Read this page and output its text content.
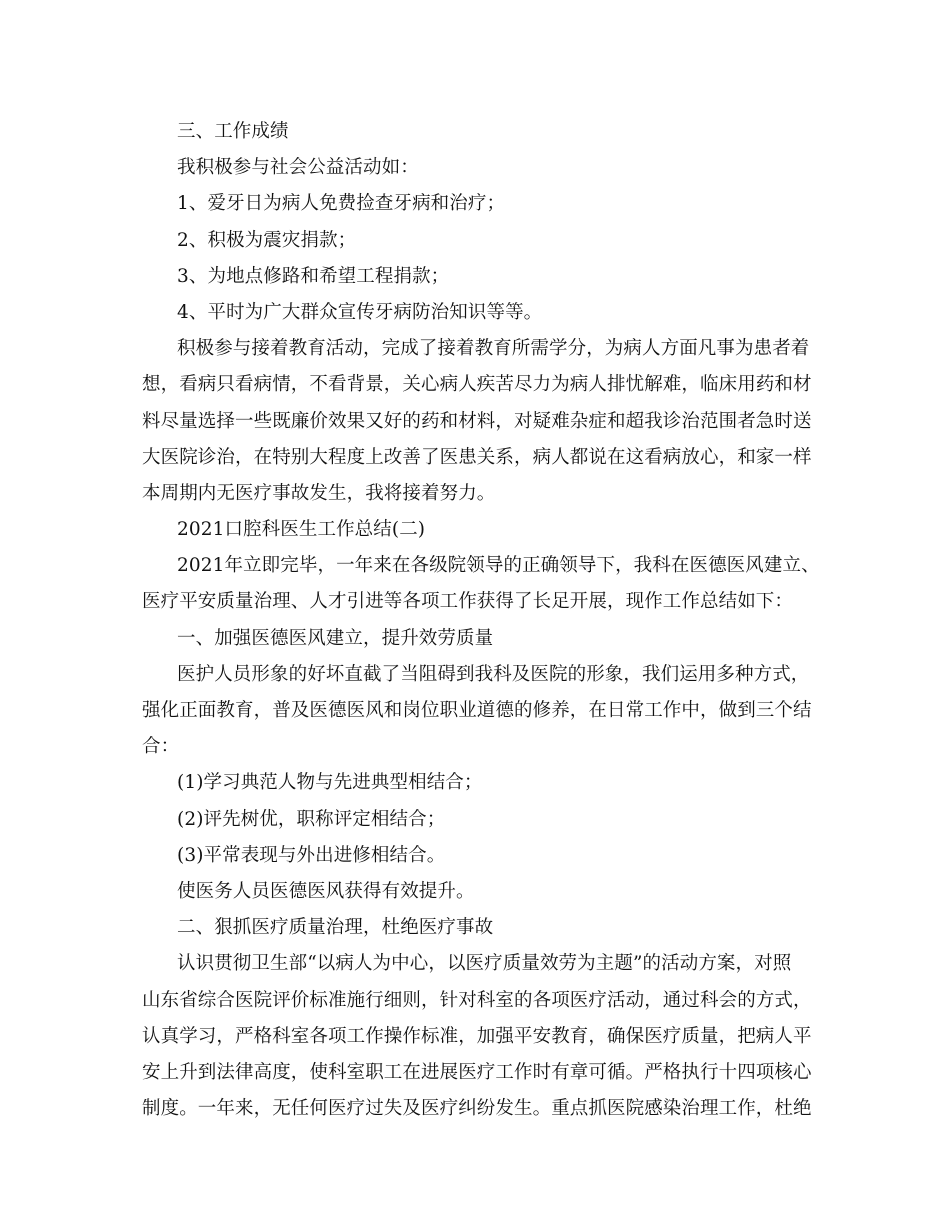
三、工作成绩
我积极参与社会公益活动如：
1、爱牙日为病人免费捡查牙病和治疗；
2、积极为震灾捐款；
3、为地点修路和希望工程捐款；
4、平时为广大群众宣传牙病防治知识等等。
积极参与接着教育活动，完成了接着教育所需学分，为病人方面凡事为患者着
想，看病只看病情，不看背景，关心病人疾苦尽力为病人排忧解难，临床用药和材
料尽量选择一些既廉价效果又好的药和材料，对疑难杂症和超我诊治范围者急时送
大医院诊治，在特别大程度上改善了医患关系，病人都说在这看病放心，和家一样
本周期内无医疗事故发生，我将接着努力。
2021口腔科医生工作总结(二)
2021年立即完毕，一年来在各级院领导的正确领导下，我科在医德医风建立、
医疗平安质量治理、人才引进等各项工作获得了长足开展，现作工作总结如下：
一、加强医德医风建立，提升效劳质量
医护人员形象的好坏直截了当阻碍到我科及医院的形象，我们运用多种方式，
强化正面教育，普及医德医风和岗位职业道德的修养，在日常工作中，做到三个结
合：
(1)学习典范人物与先进典型相结合；
(2)评先树优，职称评定相结合；
(3)平常表现与外出进修相结合。
使医务人员医德医风获得有效提升。
二、狠抓医疗质量治理，杜绝医疗事故
认识贯彻卫生部“以病人为中心，以医疗质量效劳为主题”的活动方案，对照
山东省综合医院评价标准施行细则，针对科室的各项医疗活动，通过科会的方式，
认真学习，严格科室各项工作操作标准，加强平安教育，确保医疗质量，把病人平
安上升到法律高度，使科室职工在进展医疗工作时有章可循。严格执行十四项核心
制度。一年来，无任何医疗过失及医疗纠纷发生。重点抓医院感染治理工作，杜绝
